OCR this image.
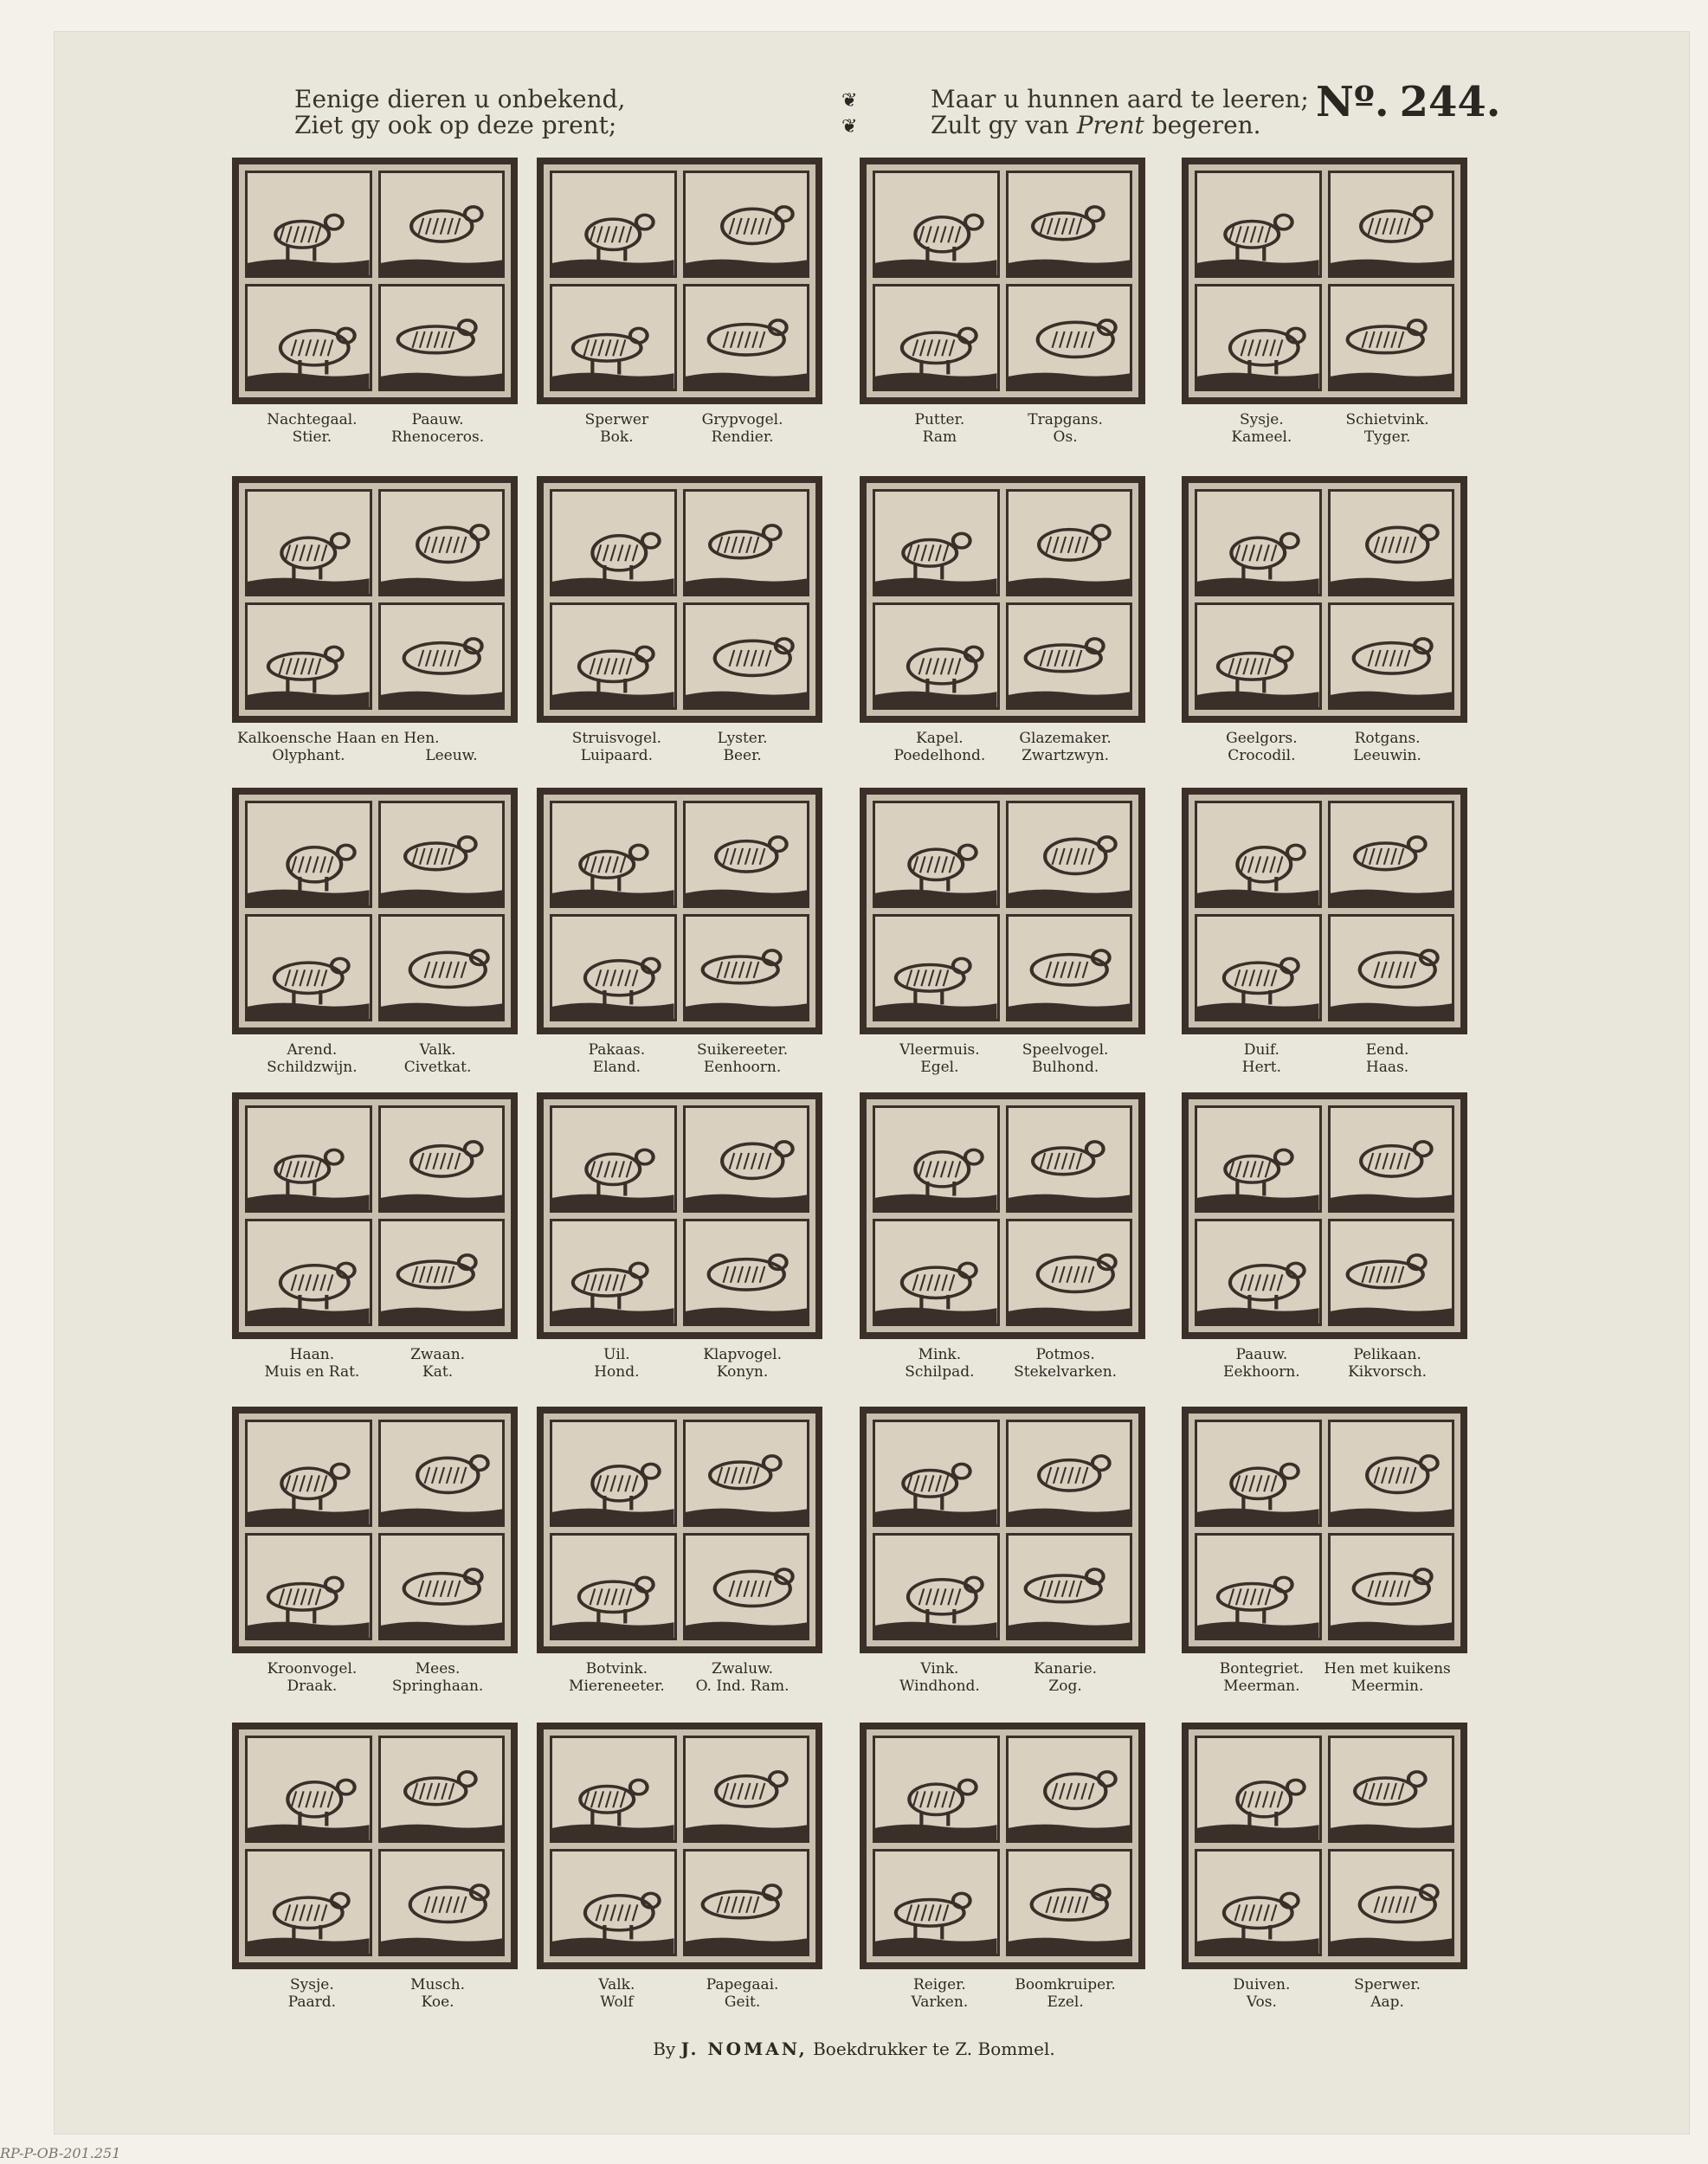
Eenige dieren u onbekend,
Ziet gy ook op deze prent;
❦
❦
Maar u hunnen aard te leeren;
Zult gy van Prent begeren.	Nº. 244.
Nachtegaal.
Stier.
Paauw.
Rhenoceros.
Sperwer
Bok.
Grypvogel.
Rendier.
Putter.
Ram
Trapgans.
Os.
Sysje.
Kameel.
Schietvink.
Tyger.
Kalkoensche Haan en Hen.
Olyphant.	Leeuw.
Struisvogel.
Luipaard.
Lyster.
Beer.
Kapel.
Poedelhond.
Glazemaker.
Zwartzwyn.
Geelgors.
Crocodil.
Rotgans.
Leeuwin.
Arend.
Schildzwijn.
Valk.
Civetkat.
Pakaas.
Eland.
Suikereeter.
Eenhoorn.
Vleermuis.
Egel.
Speelvogel.
Bulhond.
Duif.
Hert.
Eend.
Haas.
Haan.
Muis en Rat.
Zwaan.
Kat.
Uil.
Hond.
Klapvogel.
Konyn.
Mink.
Schilpad.
Potmos.
Stekelvarken.
Paauw.
Eekhoorn.
Pelikaan.
Kikvorsch.
Kroonvogel.
Draak.
Mees.
Springhaan.
Botvink.
Miereneeter.
Zwaluw.
O. Ind. Ram.
Vink.
Windhond.
Kanarie.
Zog.
Bontegriet.
Meerman.
Hen met kuikens
Meermin.
Sysje.
Paard.
Musch.
Koe.
Valk.
Wolf
Papegaai.
Geit.
Reiger.
Varken.
Boomkruiper.
Ezel.
Duiven.
Vos.
Sperwer.
Aap.
By J. NOMAN, Boekdrukker te Z. Bommel.
RP-P-OB-201.251
